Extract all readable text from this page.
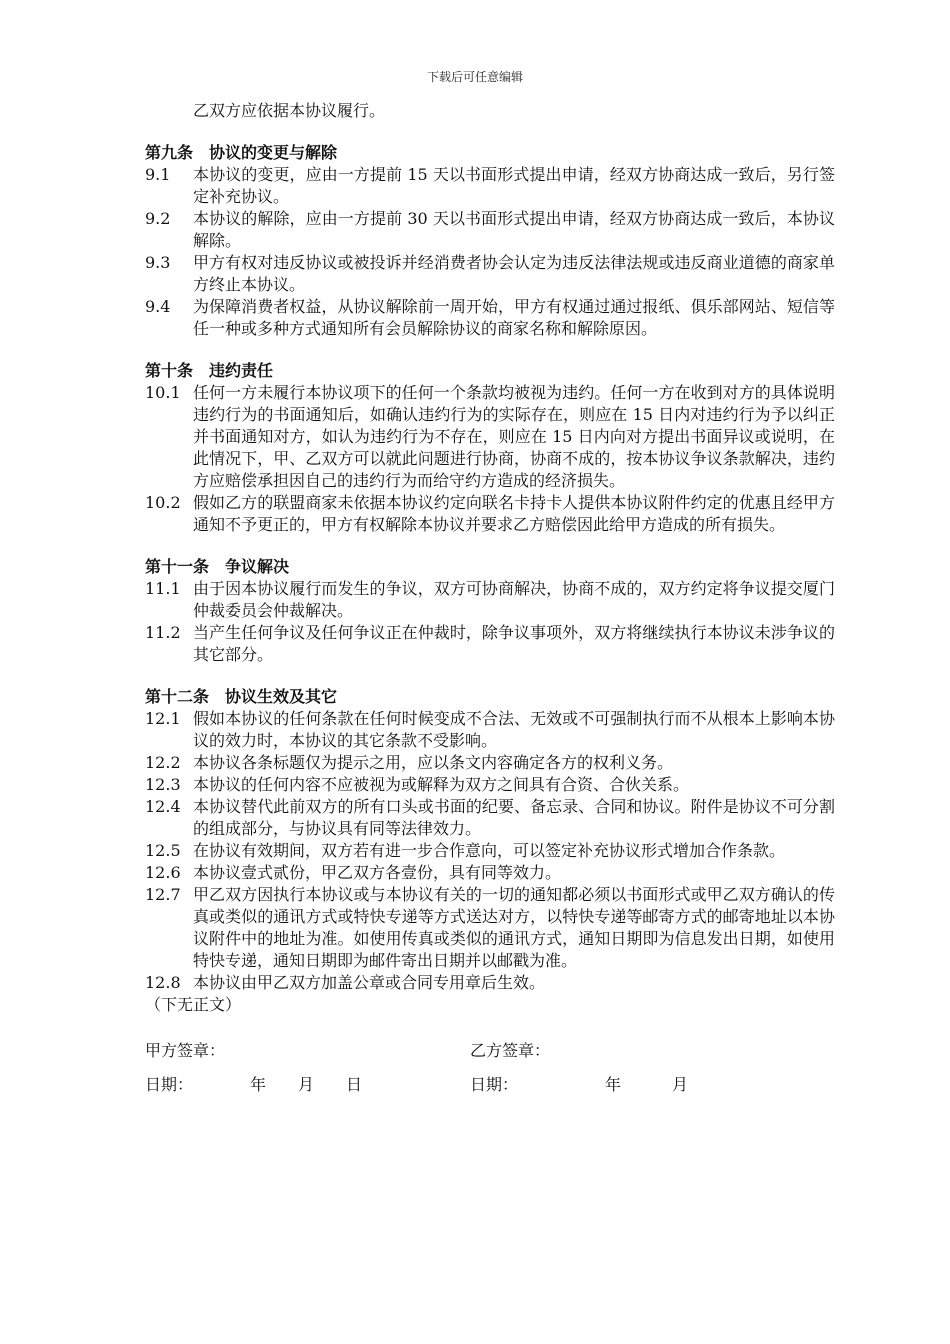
下载后可任意编辑

乙双方应依据本协议履行。

第九条　协议的变更与解除
9.1	本协议的变更，应由一方提前 15 天以书面形式提出申请，经双方协商达成一致后，另行签定补充协议。
9.2	本协议的解除，应由一方提前 30 天以书面形式提出申请，经双方协商达成一致后，本协议解除。
9.3	甲方有权对违反协议或被投诉并经消费者协会认定为违反法律法规或违反商业道德的商家单方终止本协议。
9.4	为保障消费者权益，从协议解除前一周开始，甲方有权通过通过报纸、俱乐部网站、短信等任一种或多种方式通知所有会员解除协议的商家名称和解除原因。
第十条　违约责任
10.1 任何一方未履行本协议项下的任何一个条款均被视为违约。任何一方在收到对方的具体说明违约行为的书面通知后，如确认违约行为的实际存在，则应在 15 日内对违约行为予以纠正并书面通知对方，如认为违约行为不存在，则应在 15 日内向对方提出书面异议或说明，在此情况下，甲、乙双方可以就此问题进行协商，协商不成的，按本协议争议条款解决，违约方应赔偿承担因自己的违约行为而给守约方造成的经济损失。
10.2 假如乙方的联盟商家未依据本协议约定向联名卡持卡人提供本协议附件约定的优惠且经甲方通知不予更正的，甲方有权解除本协议并要求乙方赔偿因此给甲方造成的所有损失。
第十一条　争议解决
11.1 由于因本协议履行而发生的争议，双方可协商解决，协商不成的，双方约定将争议提交厦门仲裁委员会仲裁解决。
11.2 当产生任何争议及任何争议正在仲裁时，除争议事项外，双方将继续执行本协议未涉争议的其它部分。
第十二条　协议生效及其它
12.1 假如本协议的任何条款在任何时候变成不合法、无效或不可强制执行而不从根本上影响本协议的效力时，本协议的其它条款不受影响。
12.2 本协议各条标题仅为提示之用，应以条文内容确定各方的权利义务。
12.3 本协议的任何内容不应被视为或解释为双方之间具有合资、合伙关系。
12.4 本协议替代此前双方的所有口头或书面的纪要、备忘录、合同和协议。附件是协议不可分割的组成部分，与协议具有同等法律效力。
12.5 在协议有效期间，双方若有进一步合作意向，可以签定补充协议形式增加合作条款。
12.6 本协议壹式贰份，甲乙双方各壹份，具有同等效力。
12.7 甲乙双方因执行本协议或与本协议有关的一切的通知都必须以书面形式或甲乙双方确认的传真或类似的通讯方式或特快专递等方式送达对方，以特快专递等邮寄方式的邮寄地址以本协议附件中的地址为准。如使用传真或类似的通讯方式，通知日期即为信息发出日期，如使用特快专递，通知日期即为邮件寄出日期并以邮戳为准。
12.8 本协议由甲乙双方加盖公章或合同专用章后生效。
（下无正文）
甲方签章：	乙方签章：
日期：	年	月	日	日期：	年	月
